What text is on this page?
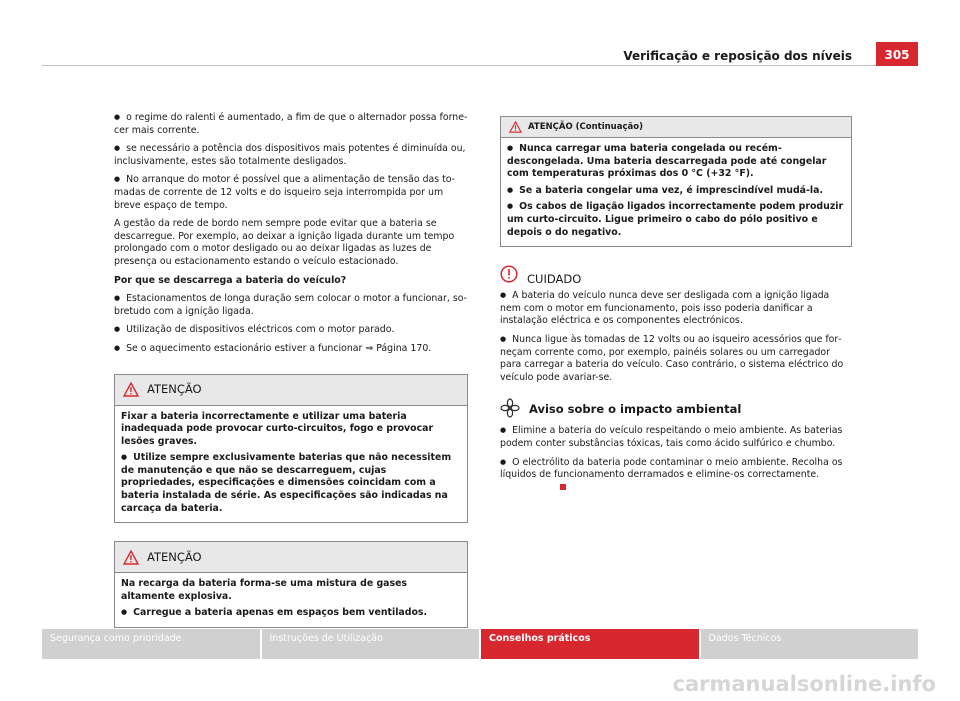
Verificação e reposição dos níveis	305

● o regime do ralenti é aumentado, a fim de que o alternador possa fornecer mais corrente.

● se necessário a potência dos dispositivos mais potentes é diminuída ou, inclusivamente, estes são totalmente desligados.

● No arranque do motor é possível que a alimentação de tensão das tomadas de corrente de 12 volts e do isqueiro seja interrompida por um breve espaço de tempo.

A gestão da rede de bordo nem sempre pode evitar que a bateria se descarregue. Por exemplo, ao deixar a ignição ligada durante um tempo prolongado com o motor desligado ou ao deixar ligadas as luzes de presença ou estacionamento estando o veículo estacionado.

Por que se descarrega a bateria do veículo?

● Estacionamentos de longa duração sem colocar o motor a funcionar, sobretudo com a ignição ligada.

● Utilização de dispositivos eléctricos com o motor parado.

● Se o aquecimento estacionário estiver a funcionar ⇒ Página 170.

ATENÇÃO

Fixar a bateria incorrectamente e utilizar uma bateria inadequada pode provocar curto-circuitos, fogo e provocar lesões graves.

● Utilize sempre exclusivamente baterias que não necessitem de manutenção e que não se descarreguem, cujas propriedades, especificações e dimensões coincidam com a bateria instalada de série. As especificações são indicadas na carcaça da bateria.

ATENÇÃO

Na recarga da bateria forma-se uma mistura de gases altamente explosiva.

● Carregue a bateria apenas em espaços bem ventilados.

ATENÇÃO (Continuação)

● Nunca carregar uma bateria congelada ou recém-descongelada. Uma bateria descarregada pode até congelar com temperaturas próximas dos 0 °C (+32 °F).

● Se a bateria congelar uma vez, é imprescindível mudá-la.

● Os cabos de ligação ligados incorrectamente podem produzir um curto-circuito. Ligue primeiro o cabo do pólo positivo e depois o do negativo.

CUIDADO

● A bateria do veículo nunca deve ser desligada com a ignição ligada nem com o motor em funcionamento, pois isso poderia danificar a instalação eléctrica e os componentes electrónicos.

● Nunca ligue às tomadas de 12 volts ou ao isqueiro acessórios que forneçam corrente como, por exemplo, painéis solares ou um carregador para carregar a bateria do veículo. Caso contrário, o sistema eléctrico do veículo pode avariar-se.

Aviso sobre o impacto ambiental

● Elimine a bateria do veículo respeitando o meio ambiente. As baterias podem conter substâncias tóxicas, tais como ácido sulfúrico e chumbo.

● O electrólito da bateria pode contaminar o meio ambiente. Recolha os líquidos de funcionamento derramados e elimine-os correctamente.

Segurança como prioridade	Instruções de Utilização	Conselhos práticos	Dados Técnicos
carmanualsonline.info
